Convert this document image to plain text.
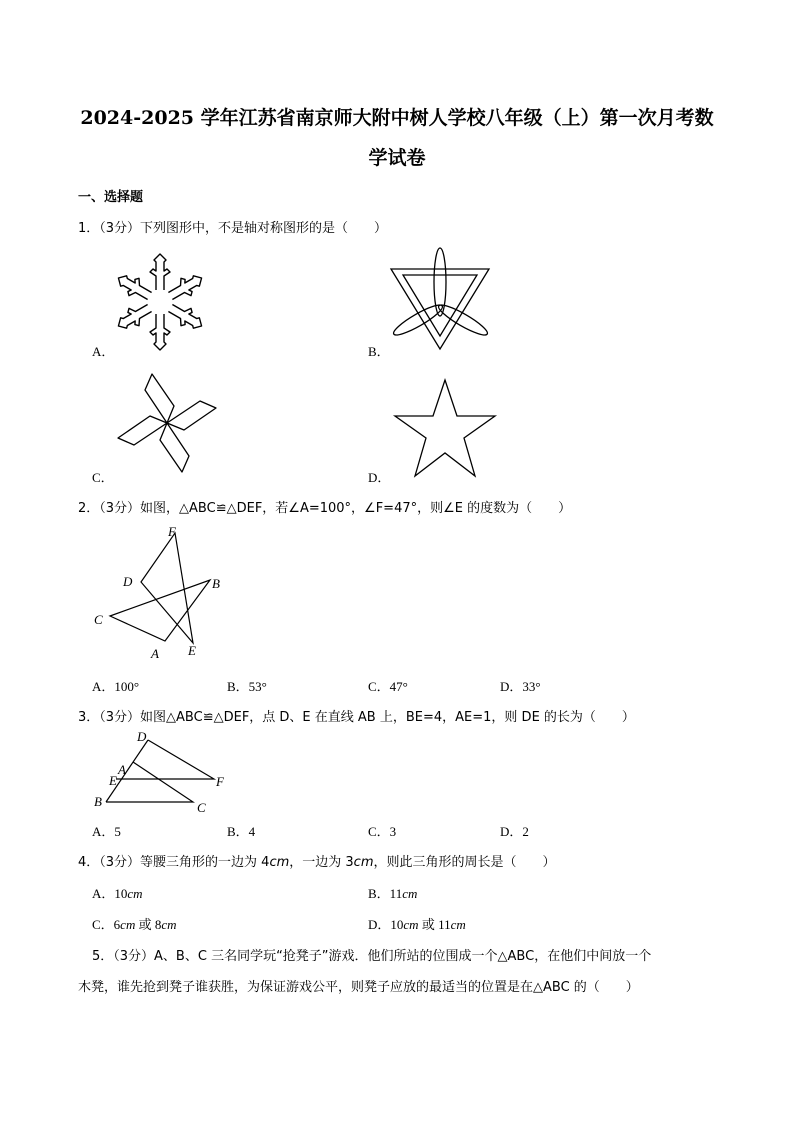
2024-2025 学年江苏省南京师大附中树人学校八年级（上）第一次月考数
学试卷
一、选择题
1．（3分）下列图形中，不是轴对称图形的是（　　）
A．	B．
C．	D．
2．（3分）如图，△ABC≌△DEF，若∠A=100°，∠F=47°，则∠E 的度数为（　　）
F
D	B
C
A E
A．100°	B．53°	C．47°	D．33°
3．（3分）如图△ABC≌△DEF，点 D、E 在直线 AB 上，BE=4，AE=1，则 DE 的长为（　　）
D
A
E	F
B	C
A．5	B．4	C．3	D．2
4．（3分）等腰三角形的一边为 4cm，一边为 3cm，则此三角形的周长是（　　）
A．10cm	B．11cm
C．6cm 或 8cm	D．10cm 或 11cm
5．（3分）A、B、C 三名同学玩“抢凳子”游戏．他们所站的位围成一个△ABC，在他们中间放一个
木凳，谁先抢到凳子谁获胜，为保证游戏公平，则凳子应放的最适当的位置是在△ABC 的（　　）
